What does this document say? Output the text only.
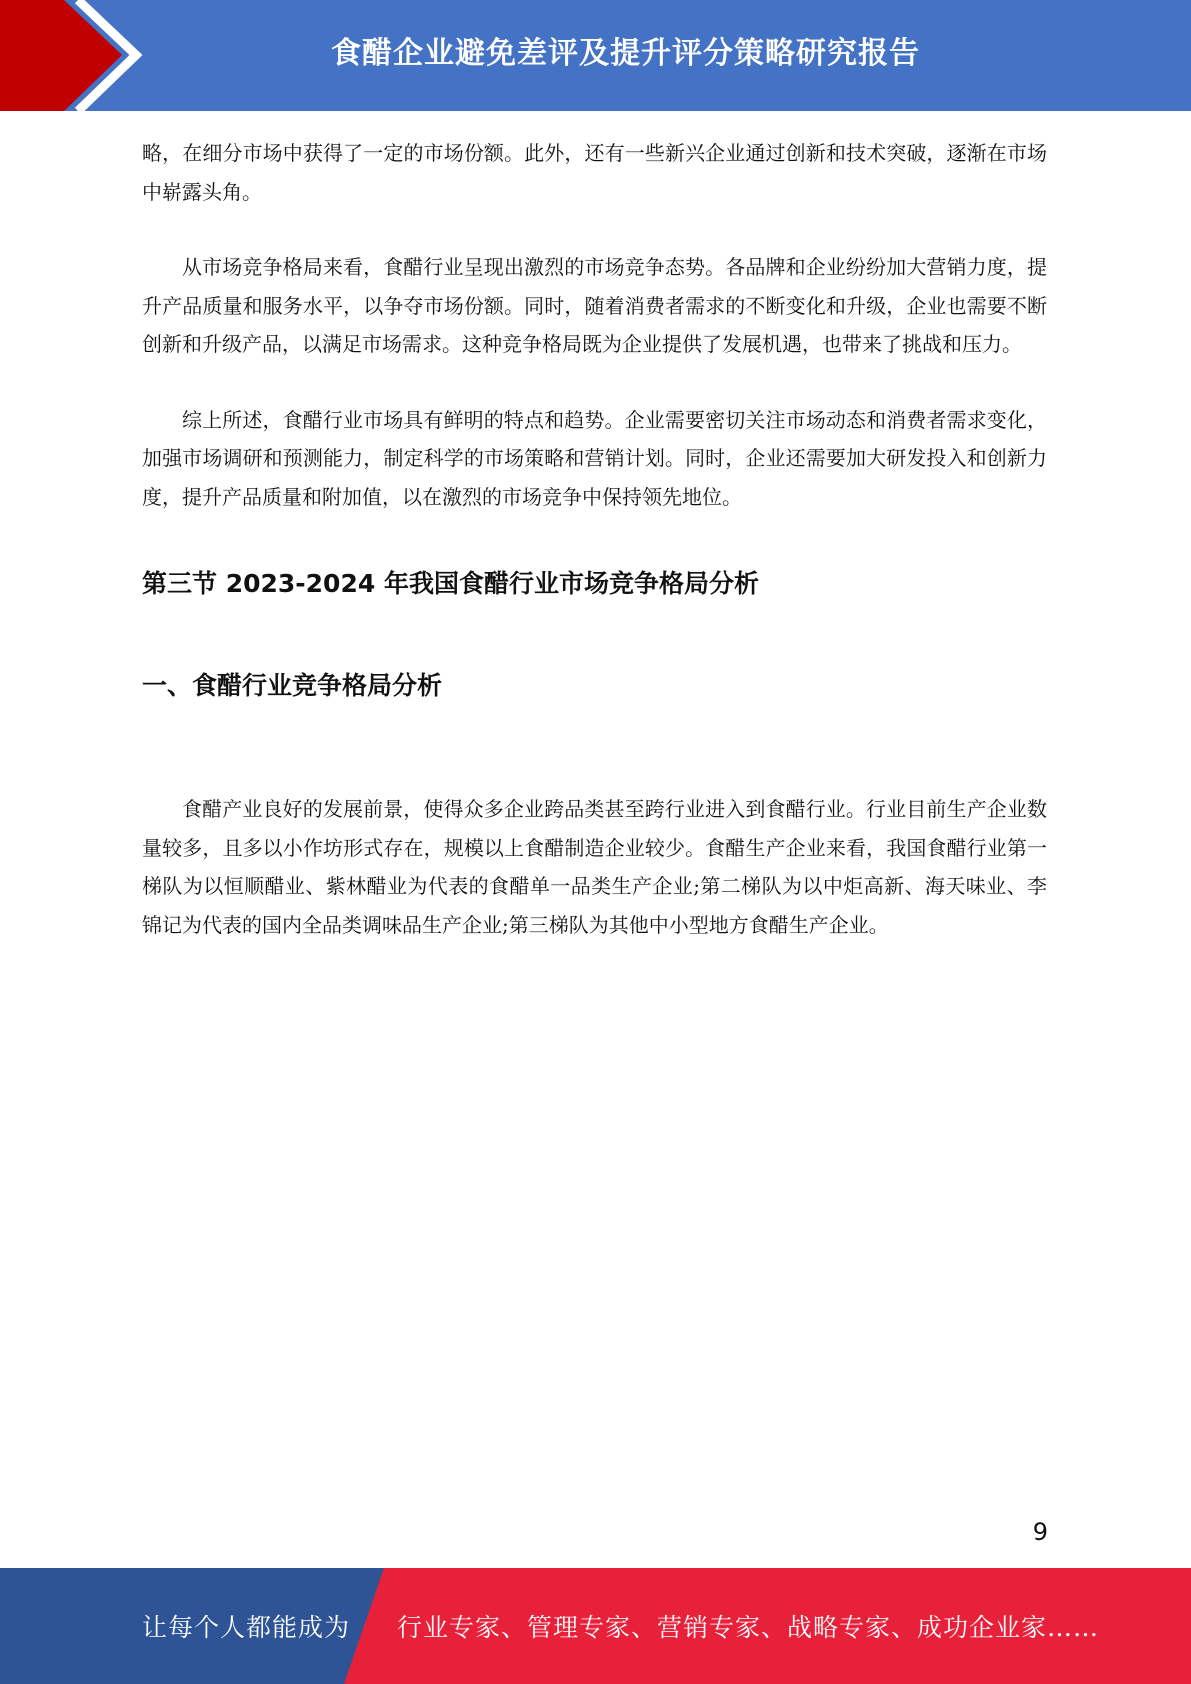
食醋企业避免差评及提升评分策略研究报告

略，在细分市场中获得了一定的市场份额。此外，还有一些新兴企业通过创新和技术突破，逐渐在市场中崭露头角。

从市场竞争格局来看，食醋行业呈现出激烈的市场竞争态势。各品牌和企业纷纷加大营销力度，提升产品质量和服务水平，以争夺市场份额。同时，随着消费者需求的不断变化和升级，企业也需要不断创新和升级产品，以满足市场需求。这种竞争格局既为企业提供了发展机遇，也带来了挑战和压力。

综上所述，食醋行业市场具有鲜明的特点和趋势。企业需要密切关注市场动态和消费者需求变化，加强市场调研和预测能力，制定科学的市场策略和营销计划。同时，企业还需要加大研发投入和创新力度，提升产品质量和附加值，以在激烈的市场竞争中保持领先地位。

第三节 2023-2024 年我国食醋行业市场竞争格局分析
一、食醋行业竞争格局分析

食醋产业良好的发展前景，使得众多企业跨品类甚至跨行业进入到食醋行业。行业目前生产企业数量较多，且多以小作坊形式存在，规模以上食醋制造企业较少。食醋生产企业来看，我国食醋行业第一梯队为以恒顺醋业、紫林醋业为代表的食醋单一品类生产企业;第二梯队为以中炬高新、海天味业、李锦记为代表的国内全品类调味品生产企业;第三梯队为其他中小型地方食醋生产企业。

9
让每个人都能成为 行业专家、管理专家、营销专家、战略专家、成功企业家……
